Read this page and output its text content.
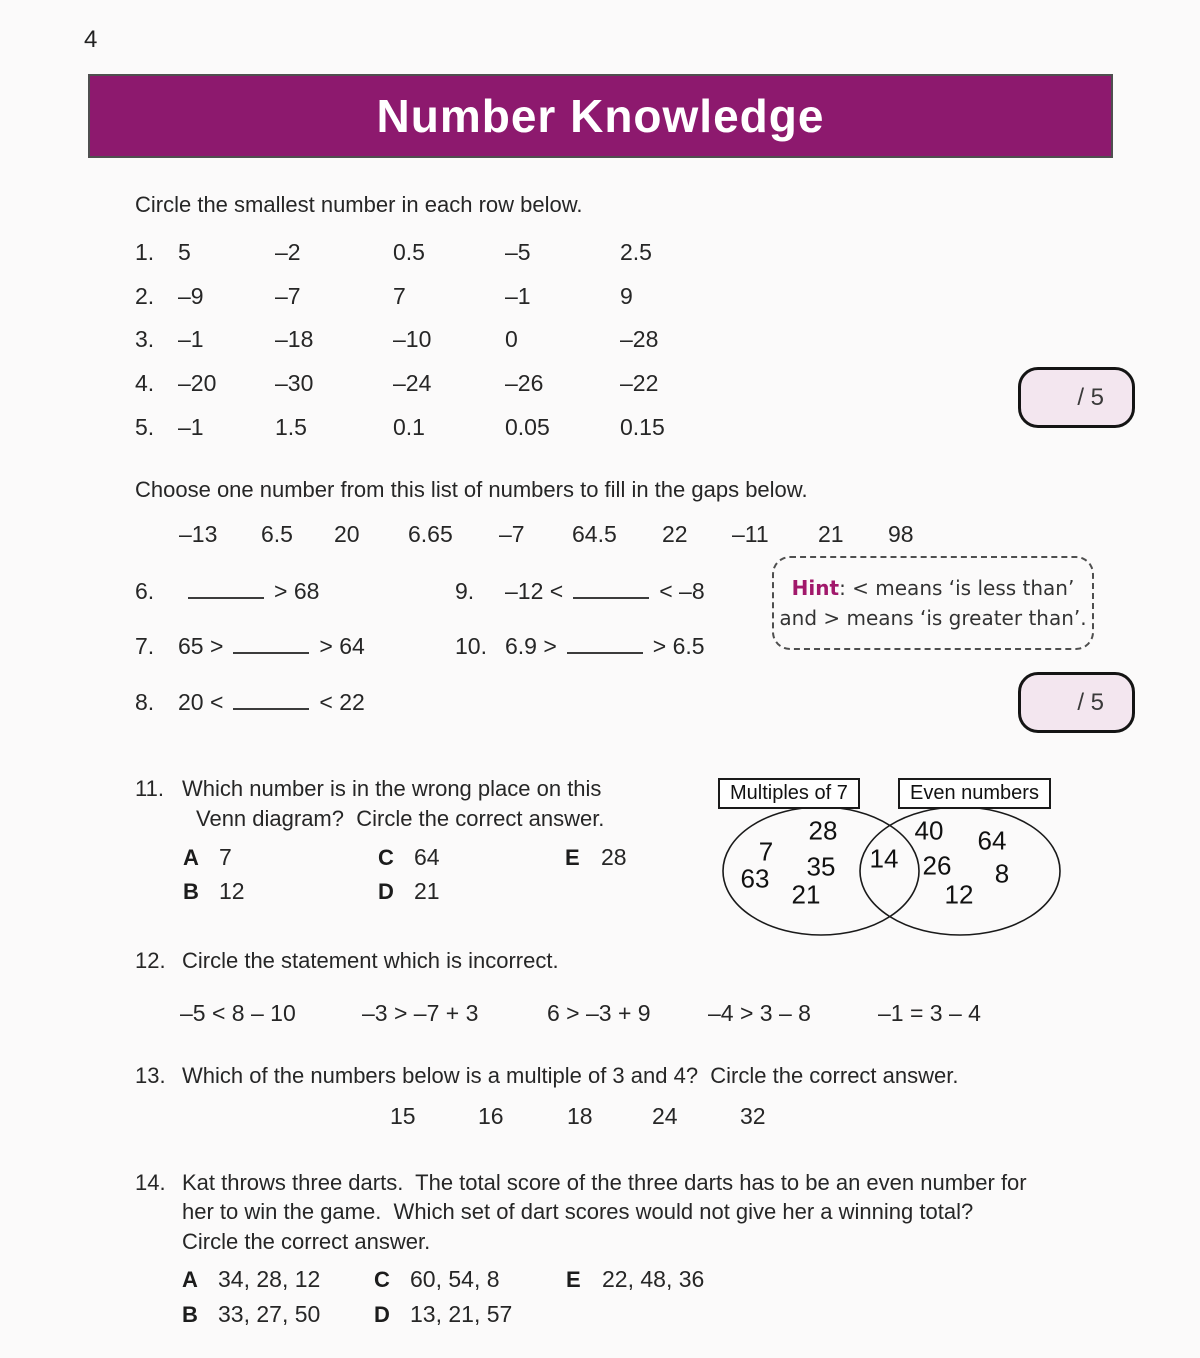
4
Number Knowledge

Circle the smallest number in each row below.

1.	5	–2	0.5	–5	2.5
2.	–9	–7	7	–1	9
3.	–1	–18	–10	0	–28
4.	–20	–30	–24	–26	–22
5.	–1	1.5	0.1	0.05	0.15
/ 5

Choose one number from this list of numbers to fill in the gaps below.

–13 6.5 20 6.65 –7 64.5 22 –11 21 98
6.	> 68
7.	65 >	> 64
8.	20 <	< 22
9.	–12 <	< –8
10. 6.9 >	> 6.5
Hint: < means ‘is less than’
and > means ‘is greater than’.
/ 5
11. Which number is in the wrong place on this
Venn diagram?  Circle the correct answer.
A 7	C 64	E 28
B 12	D 21
Multiples of 7	Even numbers
7
28
35
63
21
14
40 64
26 8
12
12. Circle the statement which is incorrect.
–5 < 8 – 10	–3 > –7 + 3	6 > –3 + 9 –4 > 3 – 8	–1 = 3 – 4
13. Which of the numbers below is a multiple of 3 and 4?  Circle the correct answer.
15	16	18	24	32
14. Kat throws three darts.  The total score of the three darts has to be an even number for
her to win the game.  Which set of dart scores would not give her a winning total?
Circle the correct answer.
A 34, 28, 12 C 60, 54, 8	E 22, 48, 36
B 33, 27, 50 D 13, 21, 57
